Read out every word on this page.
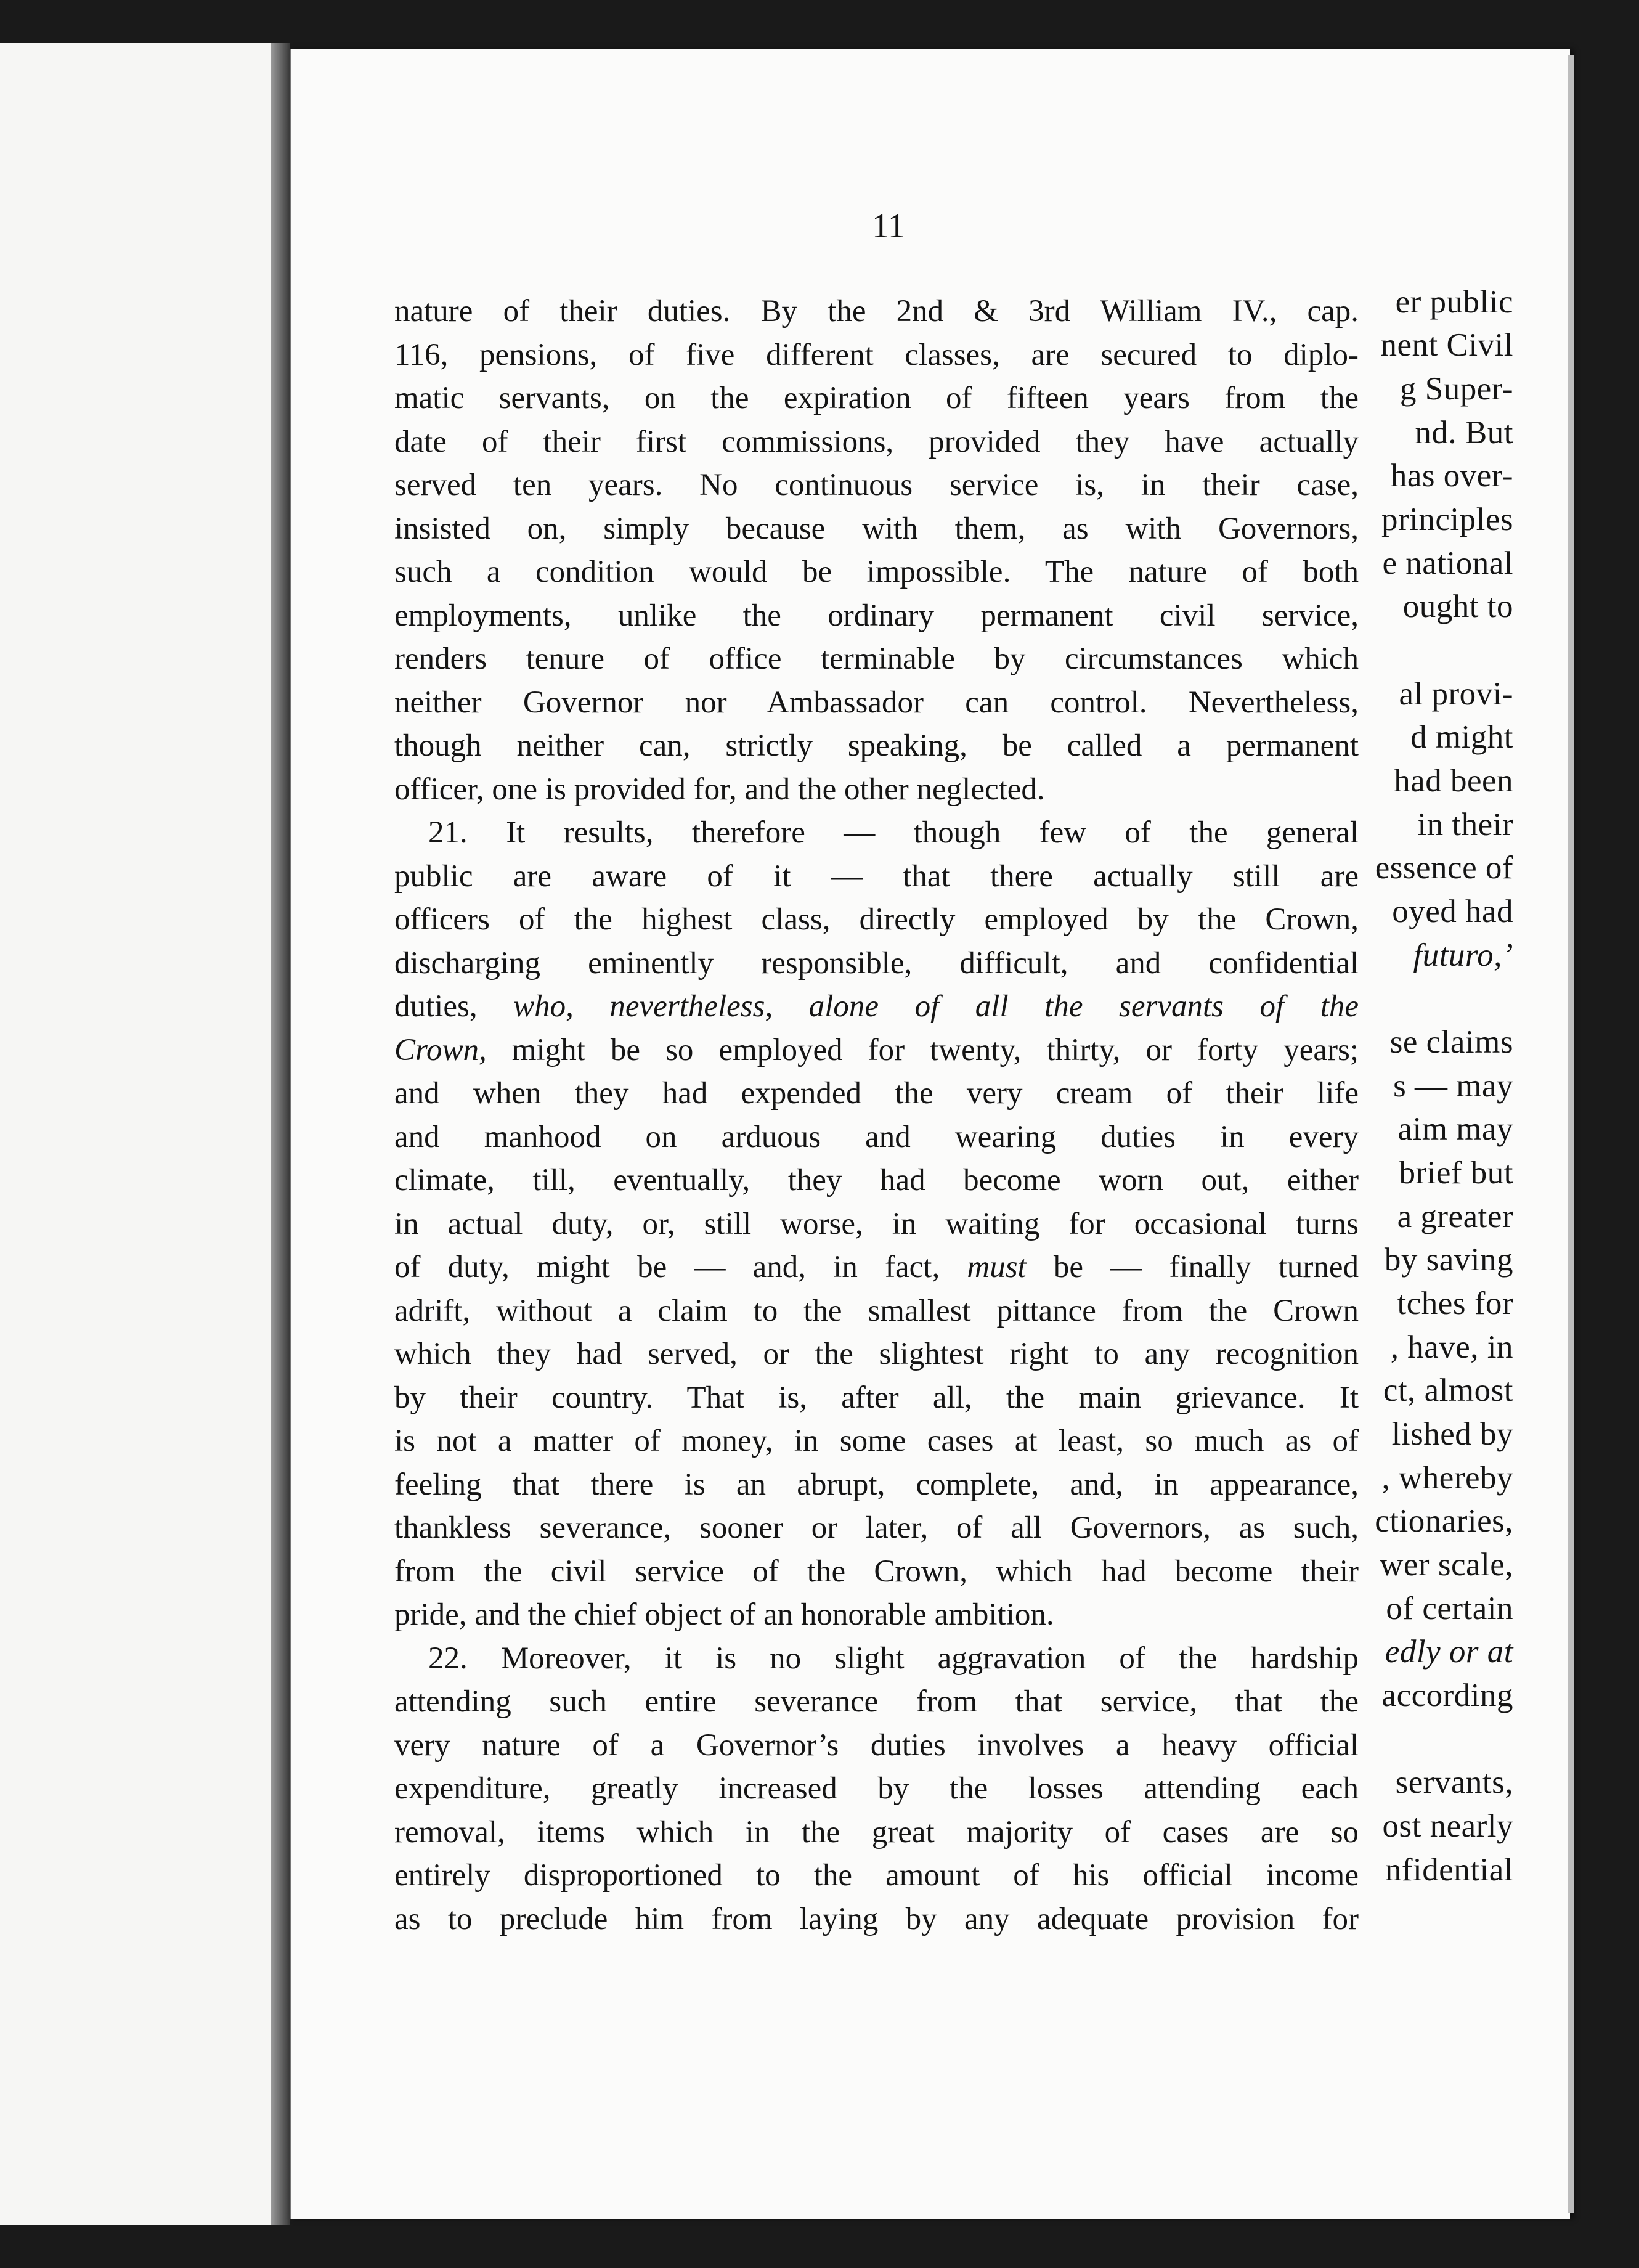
er public
nent Civil
g Super-
nd. But
has over-
principles
e national
ought to
al provi-
d might
had been
in their
essence of
oyed had
futuro,’
se claims
s — may
aim may
brief but
a greater
by saving
tches for
, have, in
ct, almost
lished by
, whereby
ctionaries,
wer scale,
of certain
edly or at
according
servants,
ost nearly
nfidential
11
nature of their duties. By the 2nd & 3rd William IV., cap.
116, pensions, of five different classes, are secured to diplo-
matic servants, on the expiration of fifteen years from the
date of their first commissions, provided they have actually
served ten years. No continuous service is, in their case,
insisted on, simply because with them, as with Governors,
such a condition would be impossible. The nature of both
employments, unlike the ordinary permanent civil service,
renders tenure of office terminable by circumstances which
neither Governor nor Ambassador can control. Nevertheless,
though neither can, strictly speaking, be called a permanent
officer, one is provided for, and the other neglected.
21. It results, therefore — though few of the general
public are aware of it — that there actually still are
officers of the highest class, directly employed by the Crown,
discharging eminently responsible, difficult, and confidential
duties, who, nevertheless, alone of all the servants of the
Crown, might be so employed for twenty, thirty, or forty years;
and when they had expended the very cream of their life
and manhood on arduous and wearing duties in every
climate, till, eventually, they had become worn out, either
in actual duty, or, still worse, in waiting for occasional turns
of duty, might be — and, in fact, must be — finally turned
adrift, without a claim to the smallest pittance from the Crown
which they had served, or the slightest right to any recognition
by their country. That is, after all, the main grievance. It
is not a matter of money, in some cases at least, so much as of
feeling that there is an abrupt, complete, and, in appearance,
thankless severance, sooner or later, of all Governors, as such,
from the civil service of the Crown, which had become their
pride, and the chief object of an honorable ambition.
22. Moreover, it is no slight aggravation of the hardship
attending such entire severance from that service, that the
very nature of a Governor’s duties involves a heavy official
expenditure, greatly increased by the losses attending each
removal, items which in the great majority of cases are so
entirely disproportioned to the amount of his official income
as to preclude him from laying by any adequate provision for
